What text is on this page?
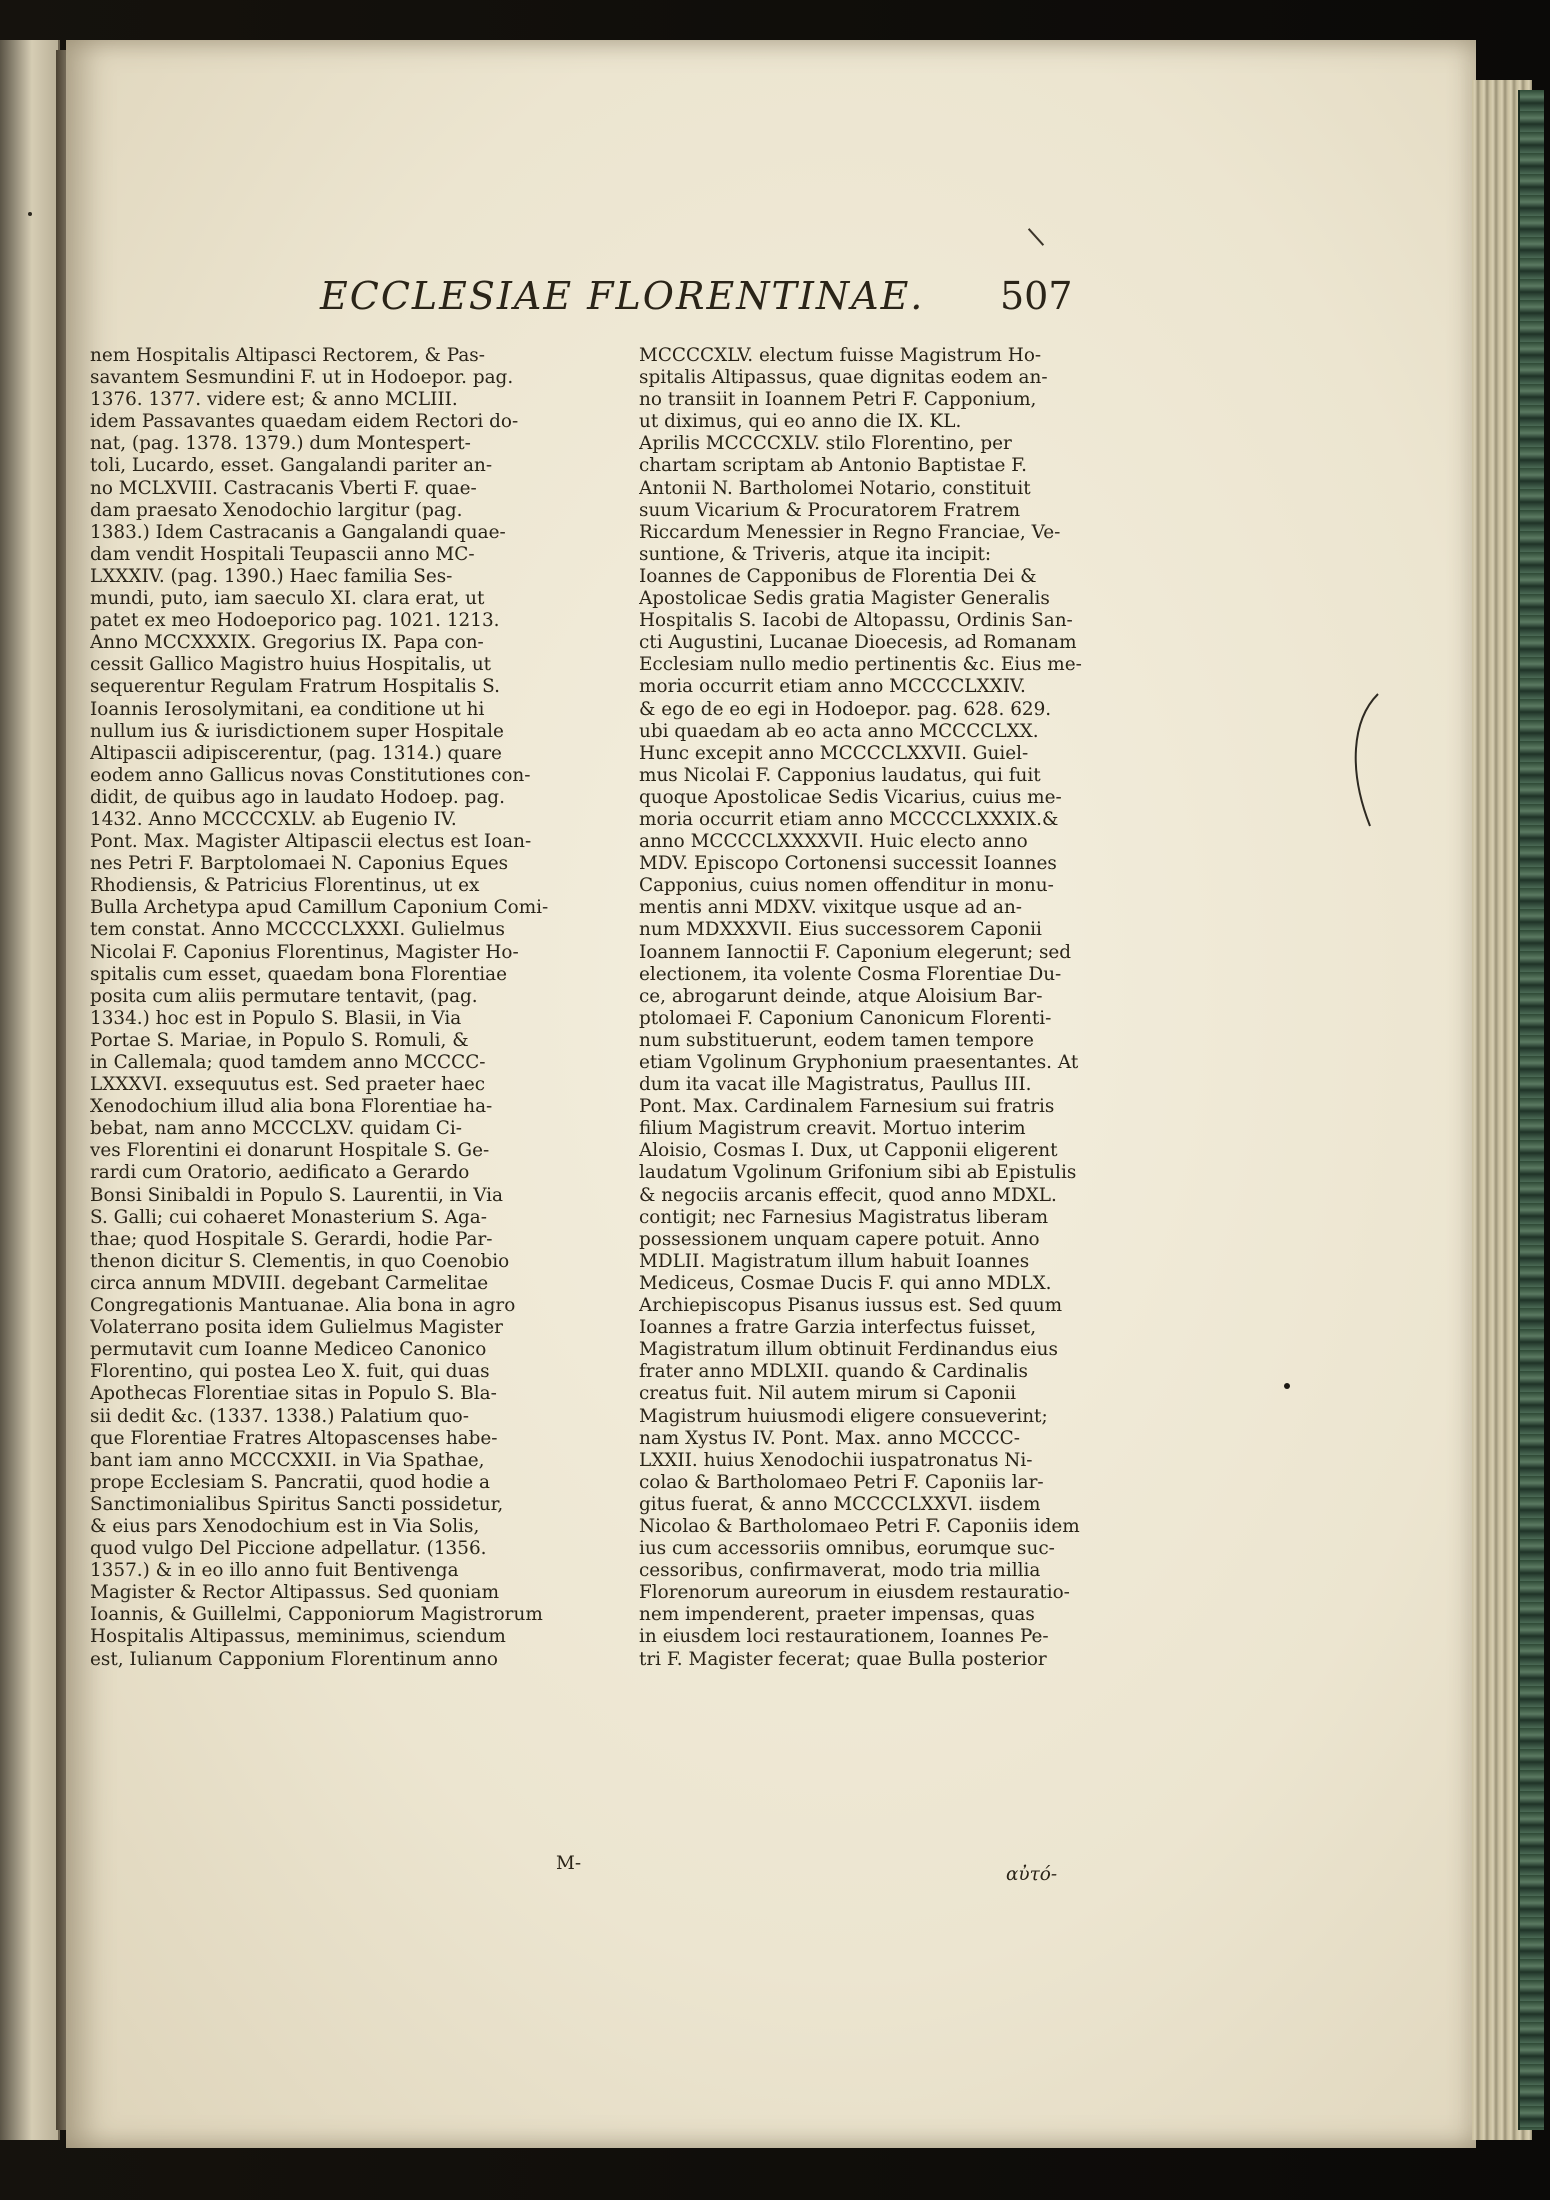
ECCLESIAE FLORENTINAE. 507
nem Hospitalis Altipasci Rectorem, & Pas-
savantem Sesmundini F. ut in Hodoepor. pag.
1376. 1377. videre est; & anno MCLIII.
idem Passavantes quaedam eidem Rectori do-
nat, (pag. 1378. 1379.) dum Montespert-
toli, Lucardo, esset. Gangalandi pariter an-
no MCLXVIII. Castracanis Vberti F. quae-
dam praesato Xenodochio largitur (pag.
1383.) Idem Castracanis a Gangalandi quae-
dam vendit Hospitali Teupascii anno MC-
LXXXIV. (pag. 1390.) Haec familia Ses-
mundi, puto, iam saeculo XI. clara erat, ut
patet ex meo Hodoeporico pag. 1021. 1213.
Anno MCCXXXIX. Gregorius IX. Papa con-
cessit Gallico Magistro huius Hospitalis, ut
sequerentur Regulam Fratrum Hospitalis S.
Ioannis Ierosolymitani, ea conditione ut hi
nullum ius & iurisdictionem super Hospitale
Altipascii adipiscerentur, (pag. 1314.) quare
eodem anno Gallicus novas Constitutiones con-
didit, de quibus ago in laudato Hodoep. pag.
1432. Anno MCCCCXLV. ab Eugenio IV.
Pont. Max. Magister Altipascii electus est Ioan-
nes Petri F. Barptolomaei N. Caponius Eques
Rhodiensis, & Patricius Florentinus, ut ex
Bulla Archetypa apud Camillum Caponium Comi-
tem constat. Anno MCCCCLXXXI. Gulielmus
Nicolai F. Caponius Florentinus, Magister Ho-
spitalis cum esset, quaedam bona Florentiae
posita cum aliis permutare tentavit, (pag.
1334.) hoc est in Populo S. Blasii, in Via
Portae S. Mariae, in Populo S. Romuli, &
in Callemala; quod tamdem anno MCCCC-
LXXXVI. exsequutus est. Sed praeter haec
Xenodochium illud alia bona Florentiae ha-
bebat, nam anno MCCCLXV. quidam Ci-
ves Florentini ei donarunt Hospitale S. Ge-
rardi cum Oratorio, aedificato a Gerardo
Bonsi Sinibaldi in Populo S. Laurentii, in Via
S. Galli; cui cohaeret Monasterium S. Aga-
thae; quod Hospitale S. Gerardi, hodie Par-
thenon dicitur S. Clementis, in quo Coenobio
circa annum MDVIII. degebant Carmelitae
Congregationis Mantuanae. Alia bona in agro
Volaterrano posita idem Gulielmus Magister
permutavit cum Ioanne Mediceo Canonico
Florentino, qui postea Leo X. fuit, qui duas
Apothecas Florentiae sitas in Populo S. Bla-
sii dedit &c. (1337. 1338.) Palatium quo-
que Florentiae Fratres Altopascenses habe-
bant iam anno MCCCXXII. in Via Spathae,
prope Ecclesiam S. Pancratii, quod hodie a
Sanctimonialibus Spiritus Sancti possidetur,
& eius pars Xenodochium est in Via Solis,
quod vulgo Del Piccione adpellatur. (1356.
1357.) & in eo illo anno fuit Bentivenga
Magister & Rector Altipassus. Sed quoniam
Ioannis, & Guillelmi, Capponiorum Magistrorum
Hospitalis Altipassus, meminimus, sciendum
est, Iulianum Capponium Florentinum anno
MCCCCXLV. electum fuisse Magistrum Ho-
spitalis Altipassus, quae dignitas eodem an-
no transiit in Ioannem Petri F. Capponium,
ut diximus, qui eo anno die IX. KL.
Aprilis MCCCCXLV. stilo Florentino, per
chartam scriptam ab Antonio Baptistae F.
Antonii N. Bartholomei Notario, constituit
suum Vicarium & Procuratorem Fratrem
Riccardum Menessier in Regno Franciae, Ve-
suntione, & Triveris, atque ita incipit:
Ioannes de Capponibus de Florentia Dei &
Apostolicae Sedis gratia Magister Generalis
Hospitalis S. Iacobi de Altopassu, Ordinis San-
cti Augustini, Lucanae Dioecesis, ad Romanam
Ecclesiam nullo medio pertinentis &c. Eius me-
moria occurrit etiam anno MCCCCLXXIV.
& ego de eo egi in Hodoepor. pag. 628. 629.
ubi quaedam ab eo acta anno MCCCCLXX.
Hunc excepit anno MCCCCLXXVII. Guiel-
mus Nicolai F. Capponius laudatus, qui fuit
quoque Apostolicae Sedis Vicarius, cuius me-
moria occurrit etiam anno MCCCCLXXXIX.&
anno MCCCCLXXXXVII. Huic electo anno
MDV. Episcopo Cortonensi successit Ioannes
Capponius, cuius nomen offenditur in monu-
mentis anni MDXV. vixitque usque ad an-
num MDXXXVII. Eius successorem Caponii
Ioannem Iannoctii F. Caponium elegerunt; sed
electionem, ita volente Cosma Florentiae Du-
ce, abrogarunt deinde, atque Aloisium Bar-
ptolomaei F. Caponium Canonicum Florenti-
num substituerunt, eodem tamen tempore
etiam Vgolinum Gryphonium praesentantes. At
dum ita vacat ille Magistratus, Paullus III.
Pont. Max. Cardinalem Farnesium sui fratris
filium Magistrum creavit. Mortuo interim
Aloisio, Cosmas I. Dux, ut Capponii eligerent
laudatum Vgolinum Grifonium sibi ab Epistulis
& negociis arcanis effecit, quod anno MDXL.
contigit; nec Farnesius Magistratus liberam
possessionem unquam capere potuit. Anno
MDLII. Magistratum illum habuit Ioannes
Mediceus, Cosmae Ducis F. qui anno MDLX.
Archiepiscopus Pisanus iussus est. Sed quum
Ioannes a fratre Garzia interfectus fuisset,
Magistratum illum obtinuit Ferdinandus eius
frater anno MDLXII. quando & Cardinalis
creatus fuit. Nil autem mirum si Caponii
Magistrum huiusmodi eligere consueverint;
nam Xystus IV. Pont. Max. anno MCCCC-
LXXII. huius Xenodochii iuspatronatus Ni-
colao & Bartholomaeo Petri F. Caponiis lar-
gitus fuerat, & anno MCCCCLXXVI. iisdem
Nicolao & Bartholomaeo Petri F. Caponiis idem
ius cum accessoriis omnibus, eorumque suc-
cessoribus, confirmaverat, modo tria millia
Florenorum aureorum in eiusdem restauratio-
nem impenderent, praeter impensas, quas
in eiusdem loci restaurationem, Ioannes Pe-
tri F. Magister fecerat; quae Bulla posterior
M-
αὐτό-
